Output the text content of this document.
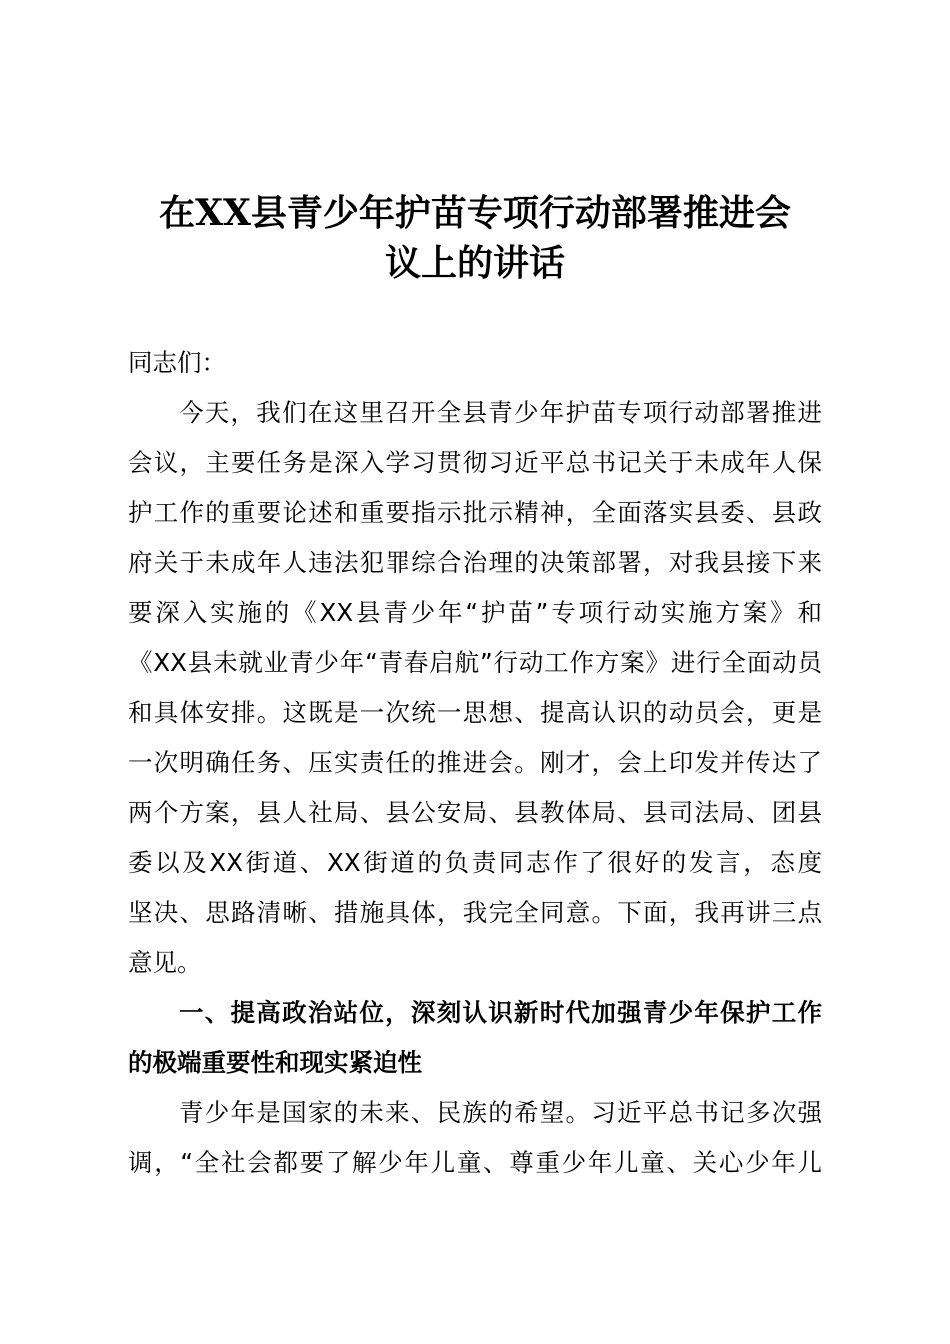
在XX县青少年护苗专项行动部署推进会
议上的讲话

同志们：

今天，我们在这里召开全县青少年护苗专项行动部署推进
会议，主要任务是深入学习贯彻习近平总书记关于未成年人保
护工作的重要论述和重要指示批示精神，全面落实县委、县政
府关于未成年人违法犯罪综合治理的决策部署，对我县接下来
要深入实施的《XX县青少年“护苗”专项行动实施方案》和
《XX县未就业青少年“青春启航”行动工作方案》进行全面动员
和具体安排。这既是一次统一思想、提高认识的动员会，更是
一次明确任务、压实责任的推进会。刚才，会上印发并传达了
两个方案，县人社局、县公安局、县教体局、县司法局、团县
委以及XX街道、XX街道的负责同志作了很好的发言，态度
坚决、思路清晰、措施具体，我完全同意。下面，我再讲三点
意见。

一、提高政治站位，深刻认识新时代加强青少年保护工作
的极端重要性和现实紧迫性

青少年是国家的未来、民族的希望。习近平总书记多次强
调，“全社会都要了解少年儿童、尊重少年儿童、关心少年儿
